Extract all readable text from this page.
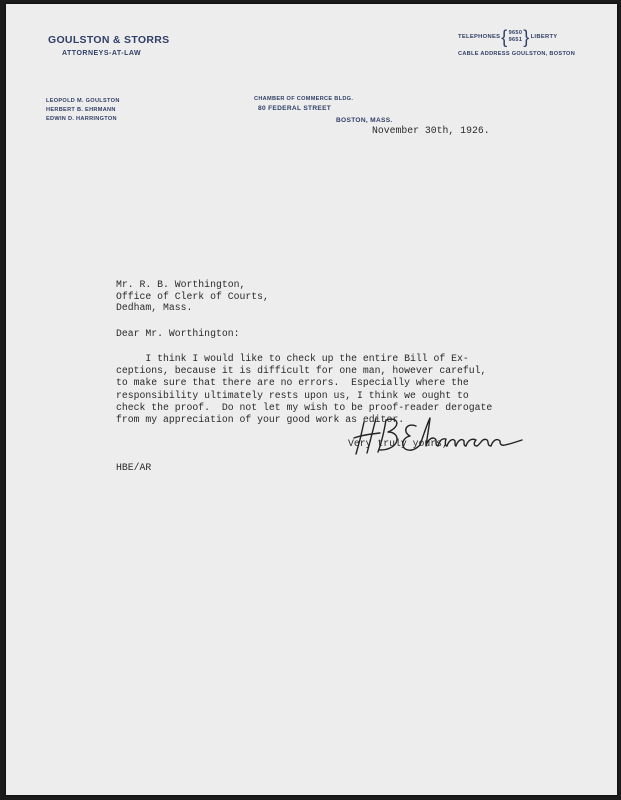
GOULSTON & STORRS
ATTORNEYS-AT-LAW
LEOPOLD M. GOULSTON
HERBERT B. EHRMANN
EDWIN D. HARRINGTON
CHAMBER OF COMMERCE BLDG.
80 FEDERAL STREET
BOSTON, MASS.
TELEPHONES { 9650
9651 } LIBERTY
CABLE ADDRESS GOULSTON, BOSTON
November 30th, 1926.
Mr. R. B. Worthington,
Office of Clerk of Courts,
Dedham, Mass.
Dear Mr. Worthington:
I think I would like to check up the entire Bill of Ex-
ceptions, because it is difficult for one man, however careful,
to make sure that there are no errors.  Especially where the
responsibility ultimately rests upon us, I think we ought to
check the proof.  Do not let my wish to be proof-reader derogate
from my appreciation of your good work as editor.
Very truly yours,
HBE/AR
